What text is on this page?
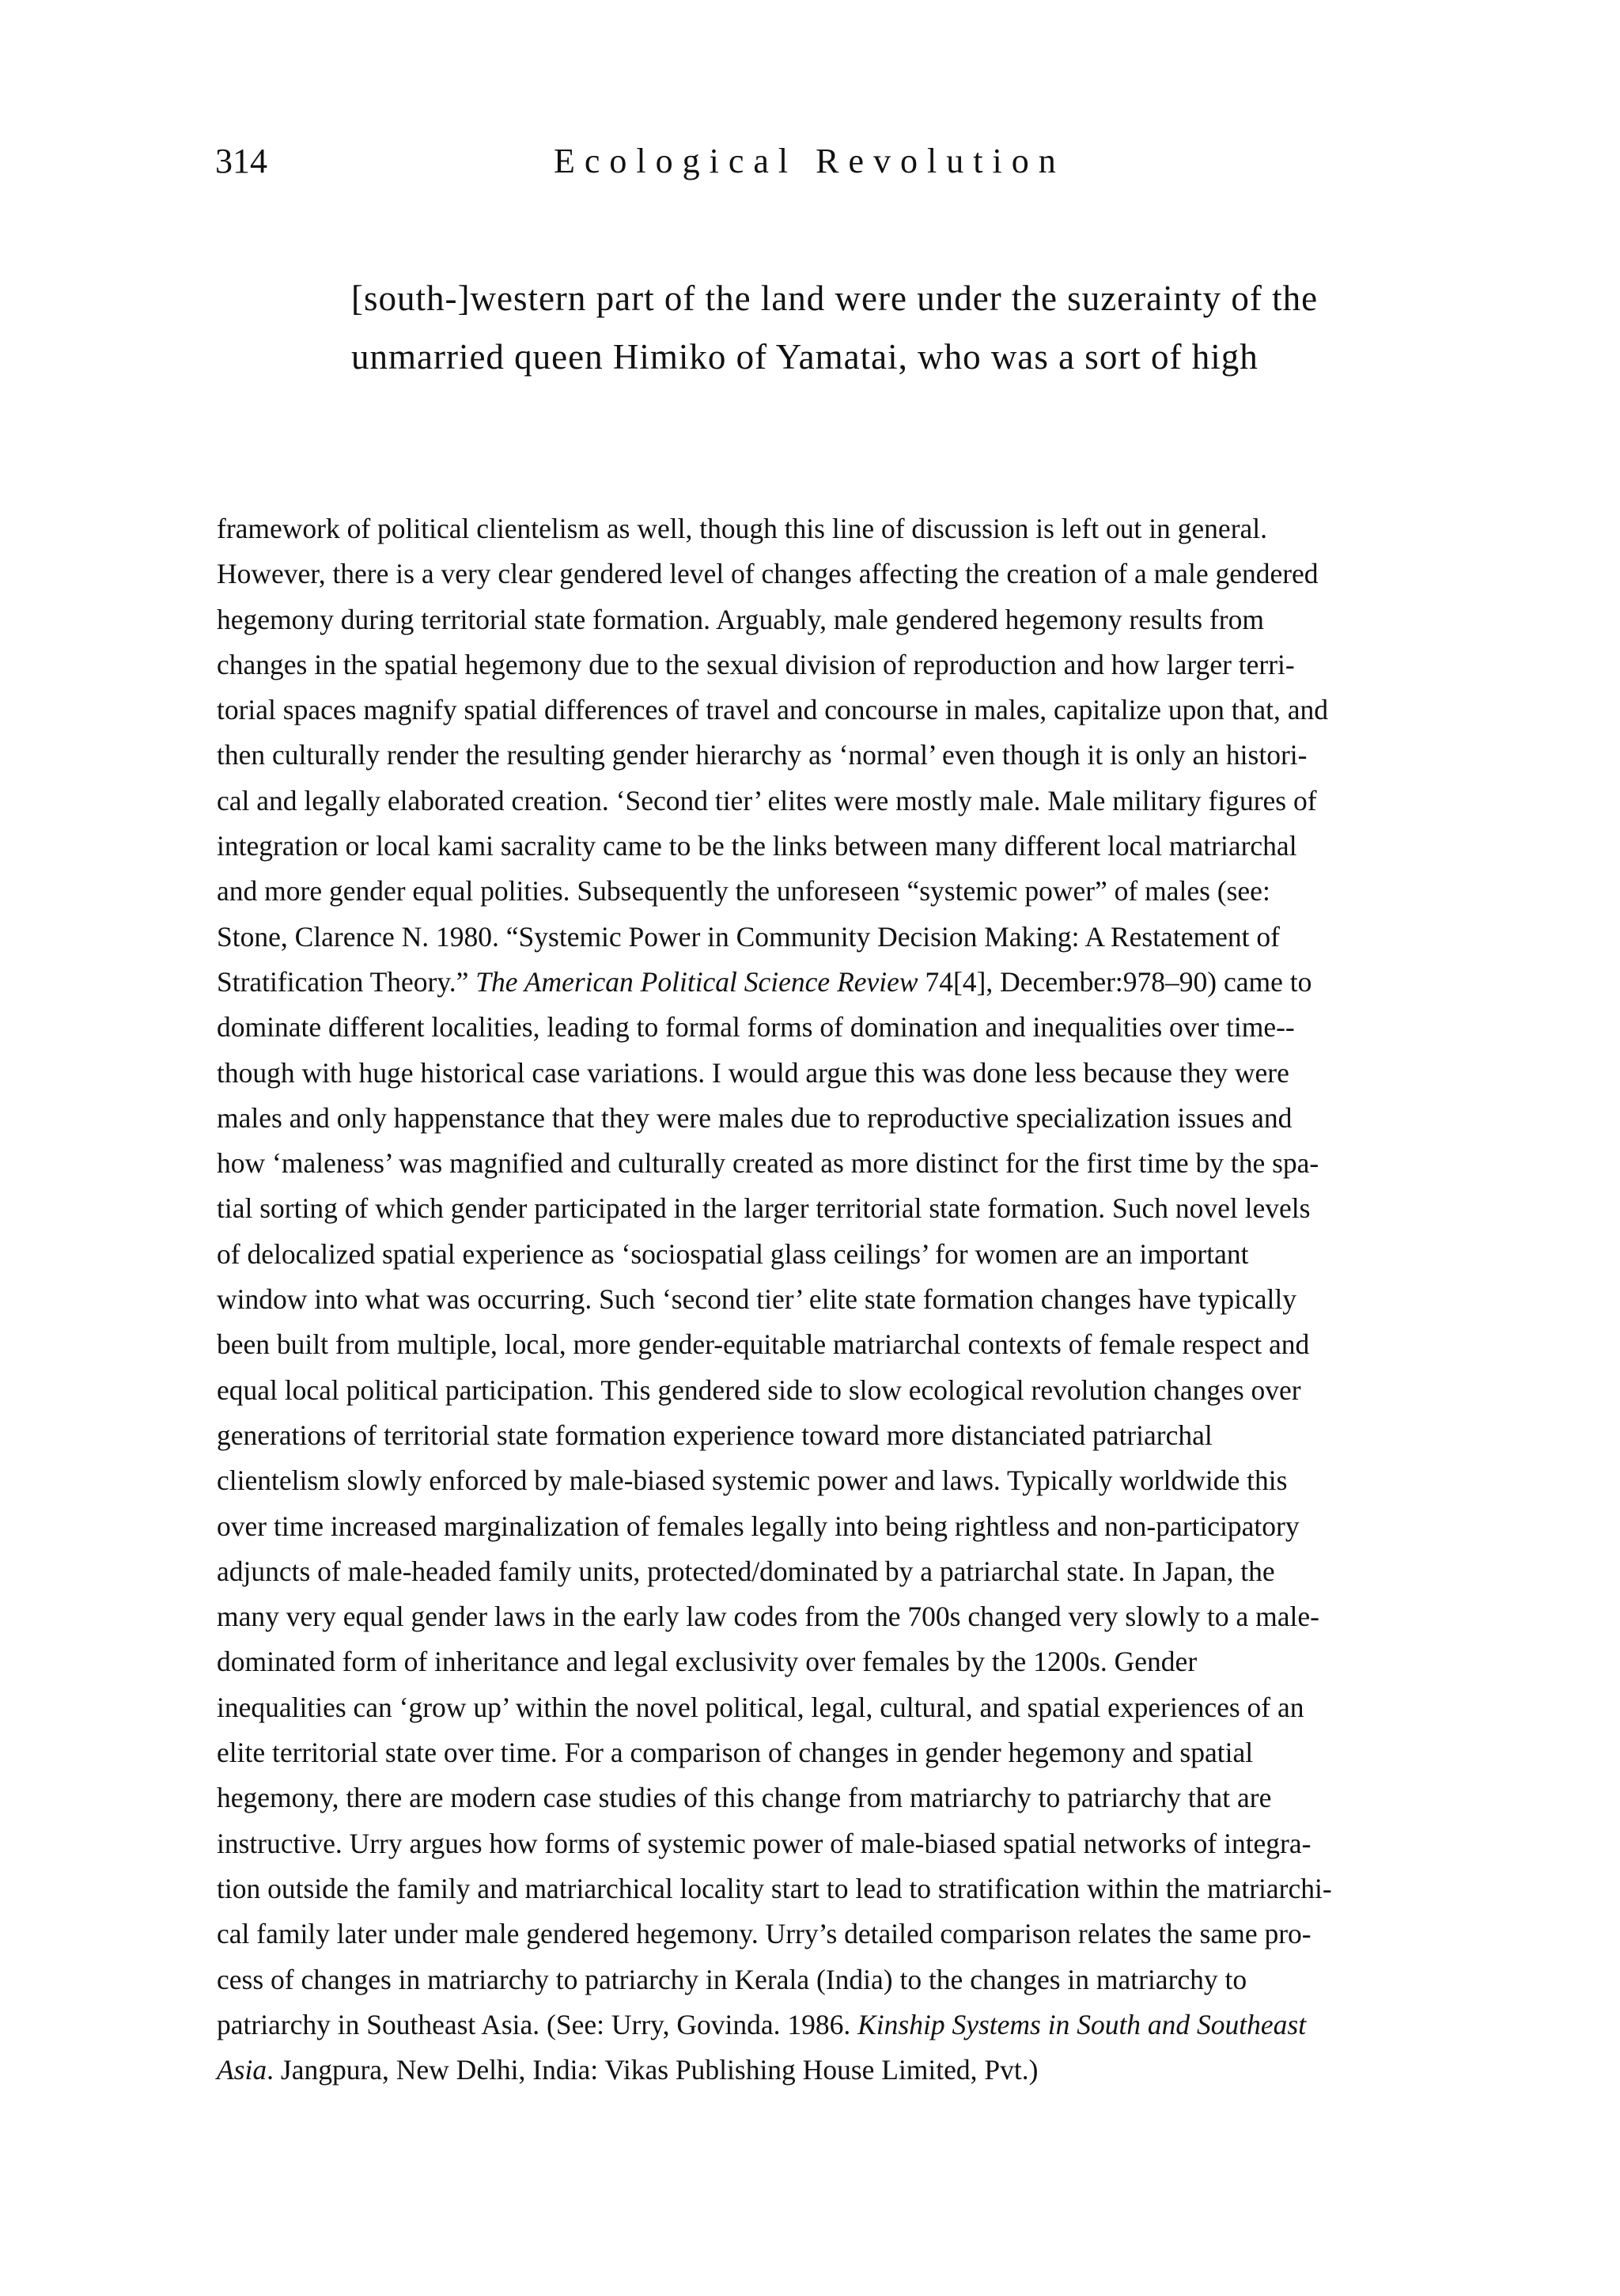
314	Ecological Revolution
[south-]western part of the land were under the suzerainty of the
unmarried queen Himiko of Yamatai, who was a sort of high
framework of political clientelism as well, though this line of discussion is left out in general.
However, there is a very clear gendered level of changes affecting the creation of a male gendered
hegemony during territorial state formation. Arguably, male gendered hegemony results from
changes in the spatial hegemony due to the sexual division of reproduction and how larger terri-
torial spaces magnify spatial differences of travel and concourse in males, capitalize upon that, and
then culturally render the resulting gender hierarchy as ‘normal’ even though it is only an histori-
cal and legally elaborated creation. ‘Second tier’ elites were mostly male. Male military figures of
integration or local kami sacrality came to be the links between many different local matriarchal
and more gender equal polities. Subsequently the unforeseen “systemic power” of males (see:
Stone, Clarence N. 1980. “Systemic Power in Community Decision Making: A Restatement of
Stratification Theory.” The American Political Science Review 74[4], December:978–90) came to
dominate different localities, leading to formal forms of domination and inequalities over time--
though with huge historical case variations. I would argue this was done less because they were
males and only happenstance that they were males due to reproductive specialization issues and
how ‘maleness’ was magnified and culturally created as more distinct for the first time by the spa-
tial sorting of which gender participated in the larger territorial state formation. Such novel levels
of delocalized spatial experience as ‘sociospatial glass ceilings’ for women are an important
window into what was occurring. Such ‘second tier’ elite state formation changes have typically
been built from multiple, local, more gender-equitable matriarchal contexts of female respect and
equal local political participation. This gendered side to slow ecological revolution changes over
generations of territorial state formation experience toward more distanciated patriarchal
clientelism slowly enforced by male-biased systemic power and laws. Typically worldwide this
over time increased marginalization of females legally into being rightless and non-participatory
adjuncts of male-headed family units, protected/dominated by a patriarchal state. In Japan, the
many very equal gender laws in the early law codes from the 700s changed very slowly to a male-
dominated form of inheritance and legal exclusivity over females by the 1200s. Gender
inequalities can ‘grow up’ within the novel political, legal, cultural, and spatial experiences of an
elite territorial state over time. For a comparison of changes in gender hegemony and spatial
hegemony, there are modern case studies of this change from matriarchy to patriarchy that are
instructive. Urry argues how forms of systemic power of male-biased spatial networks of integra-
tion outside the family and matriarchical locality start to lead to stratification within the matriarchi-
cal family later under male gendered hegemony. Urry’s detailed comparison relates the same pro-
cess of changes in matriarchy to patriarchy in Kerala (India) to the changes in matriarchy to
patriarchy in Southeast Asia. (See: Urry, Govinda. 1986. Kinship Systems in South and Southeast
Asia. Jangpura, New Delhi, India: Vikas Publishing House Limited, Pvt.)
